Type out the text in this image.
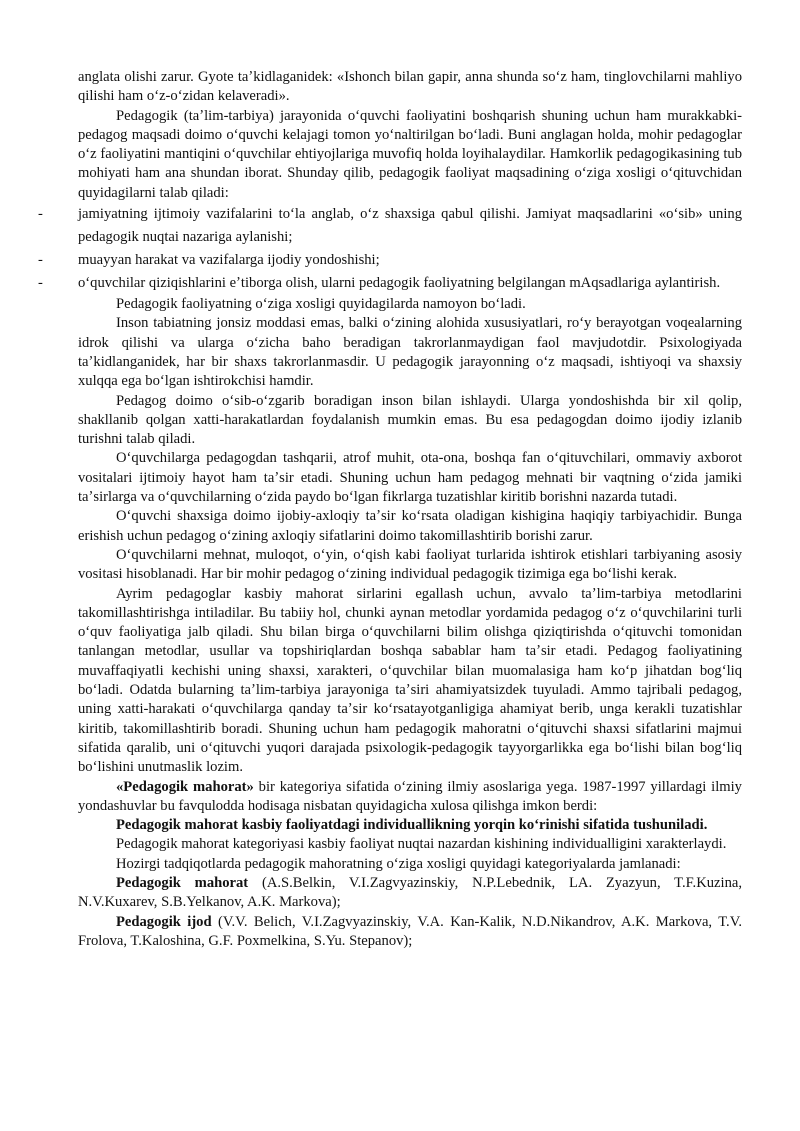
anglata olishi zarur. Gyote taʼkidlaganidek: «Ishonch bilan gapir, anna shunda soʻz ham, tinglovchilarni mahliyo qilishi ham oʻz-oʻzidan kelaveradi».

Pedagogik (taʼlim-tarbiya) jarayonida oʻquvchi faoliyatini boshqarish shuning uchun ham murakkabki-pedagog maqsadi doimo oʻquvchi kelajagi tomon yoʻnaltirilgan boʻladi. Buni anglagan holda, mohir pedagoglar oʻz faoliyatini mantiqini oʻquvchilar ehtiyojlariga muvofiq holda loyihalaydilar. Hamkorlik pedagogikasining tub mohiyati ham ana shundan iborat. Shunday qilib, pedagogik faoliyat maqsadining oʻziga xosligi oʻqituvchidan quyidagilarni talab qiladi:

- jamiyatning ijtimoiy vazifalarini toʻla anglab, oʻz shaxsiga qabul qilishi. Jamiyat maqsadlarini «oʻsib» uning pedagogik nuqtai nazariga aylanishi;

- muayyan harakat va vazifalarga ijodiy yondoshishi;

- oʻquvchilar qiziqishlarini eʼtiborga olish, ularni pedagogik faoliyatning belgilangan mAqsadlariga aylantirish.

Pedagogik faoliyatning oʻziga xosligi quyidagilarda namoyon boʻladi.

Inson tabiatning jonsiz moddasi emas, balki oʻzining alohida xususiyatlari, roʻy berayotgan voqealarning idrok qilishi va ularga oʻzicha baho beradigan takrorlanmaydigan faol mavjudotdir. Psixologiyada taʼkidlanganidek, har bir shaxs takrorlanmasdir. U pedagogik jarayonning oʻz maqsadi, ishtiyoqi va shaxsiy xulqqa ega boʻlgan ishtirokchisi hamdir.

Pedagog doimo oʻsib-oʻzgarib boradigan inson bilan ishlaydi. Ularga yondoshishda bir xil qolip, shakllanib qolgan xatti-harakatlardan foydalanish mumkin emas. Bu esa pedagogdan doimo ijodiy izlanib turishni talab qiladi.

Oʻquvchilarga pedagogdan tashqarii, atrof muhit, ota-ona, boshqa fan oʻqituvchilari, ommaviy axborot vositalari ijtimoiy hayot ham taʼsir etadi. Shuning uchun ham pedagog mehnati bir vaqtning oʻzida jamiki taʼsirlarga va oʻquvchilarning oʻzida paydo boʻlgan fikrlarga tuzatishlar kiritib borishni nazarda tutadi.

Oʻquvchi shaxsiga doimo ijobiy-axloqiy taʼsir koʻrsata oladigan kishigina haqiqiy tarbiyachidir. Bunga erishish uchun pedagog oʻzining axloqiy sifatlarini doimo takomillashtirib borishi zarur.

Oʻquvchilarni mehnat, muloqot, oʻyin, oʻqish kabi faoliyat turlarida ishtirok etishlari tarbiyaning asosiy vositasi hisoblanadi. Har bir mohir pedagog oʻzining individual pedagogik tizimiga ega boʻlishi kerak.

Ayrim pedagoglar kasbiy mahorat sirlarini egallash uchun, avvalo taʼlim-tarbiya metodlarini takomillashtirishga intiladilar. Bu tabiiy hol, chunki aynan metodlar yordamida pedagog oʻz oʻquvchilarini turli oʻquv faoliyatiga jalb qiladi. Shu bilan birga oʻquvchilarni bilim olishga qiziqtirishda oʻqituvchi tomonidan tanlangan metodlar, usullar va topshiriqlardan boshqa sabablar ham taʼsir etadi. Pedagog faoliyatining muvaffaqiyatli kechishi uning shaxsi, xarakteri, oʻquvchilar bilan muomalasiga ham koʻp jihatdan bogʻliq boʻladi. Odatda bularning taʼlim-tarbiya jarayoniga taʼsiri ahamiyatsizdek tuyuladi. Ammo tajribali pedagog, uning xatti-harakati oʻquvchilarga qanday taʼsir koʻrsatayotganligiga ahamiyat berib, unga kerakli tuzatishlar kiritib, takomillashtirib boradi. Shuning uchun ham pedagogik mahoratni oʻqituvchi shaxsi sifatlarini majmui sifatida qaralib, uni oʻqituvchi yuqori darajada psixologik-pedagogik tayyorgarlikka ega boʻlishi bilan bogʻliq boʻlishini unutmaslik lozim.

«Pedagogik mahorat» bir kategoriya sifatida oʻzining ilmiy asoslariga yega. 1987-1997 yillardagi ilmiy yondashuvlar bu favqulodda hodisaga nisbatan quyidagicha xulosa qilishga imkon berdi:

Pedagogik mahorat kasbiy faoliyatdagi individuallikning yorqin koʻrinishi sifatida tushuniladi.

Pedagogik mahorat kategoriyasi kasbiy faoliyat nuqtai nazardan kishining individualligini xarakterlaydi.

Hozirgi tadqiqotlarda pedagogik mahoratning oʻziga xosligi quyidagi kategoriyalarda jamlanadi:

Pedagogik mahorat (A.S.Belkin, V.I.Zagvyazinskiy, N.P.Lebednik, LA. Zyazyun, T.F.Kuzina, N.V.Kuxarev, S.B.Yelkanov, A.K. Markova);

Pedagogik ijod (V.V. Belich, V.I.Zagvyazinskiy, V.A. Kan-Kalik, N.D.Nikandrov, A.K. Markova, T.V. Frolova, T.Kaloshina, G.F. Poxmelkina, S.Yu. Stepanov);
